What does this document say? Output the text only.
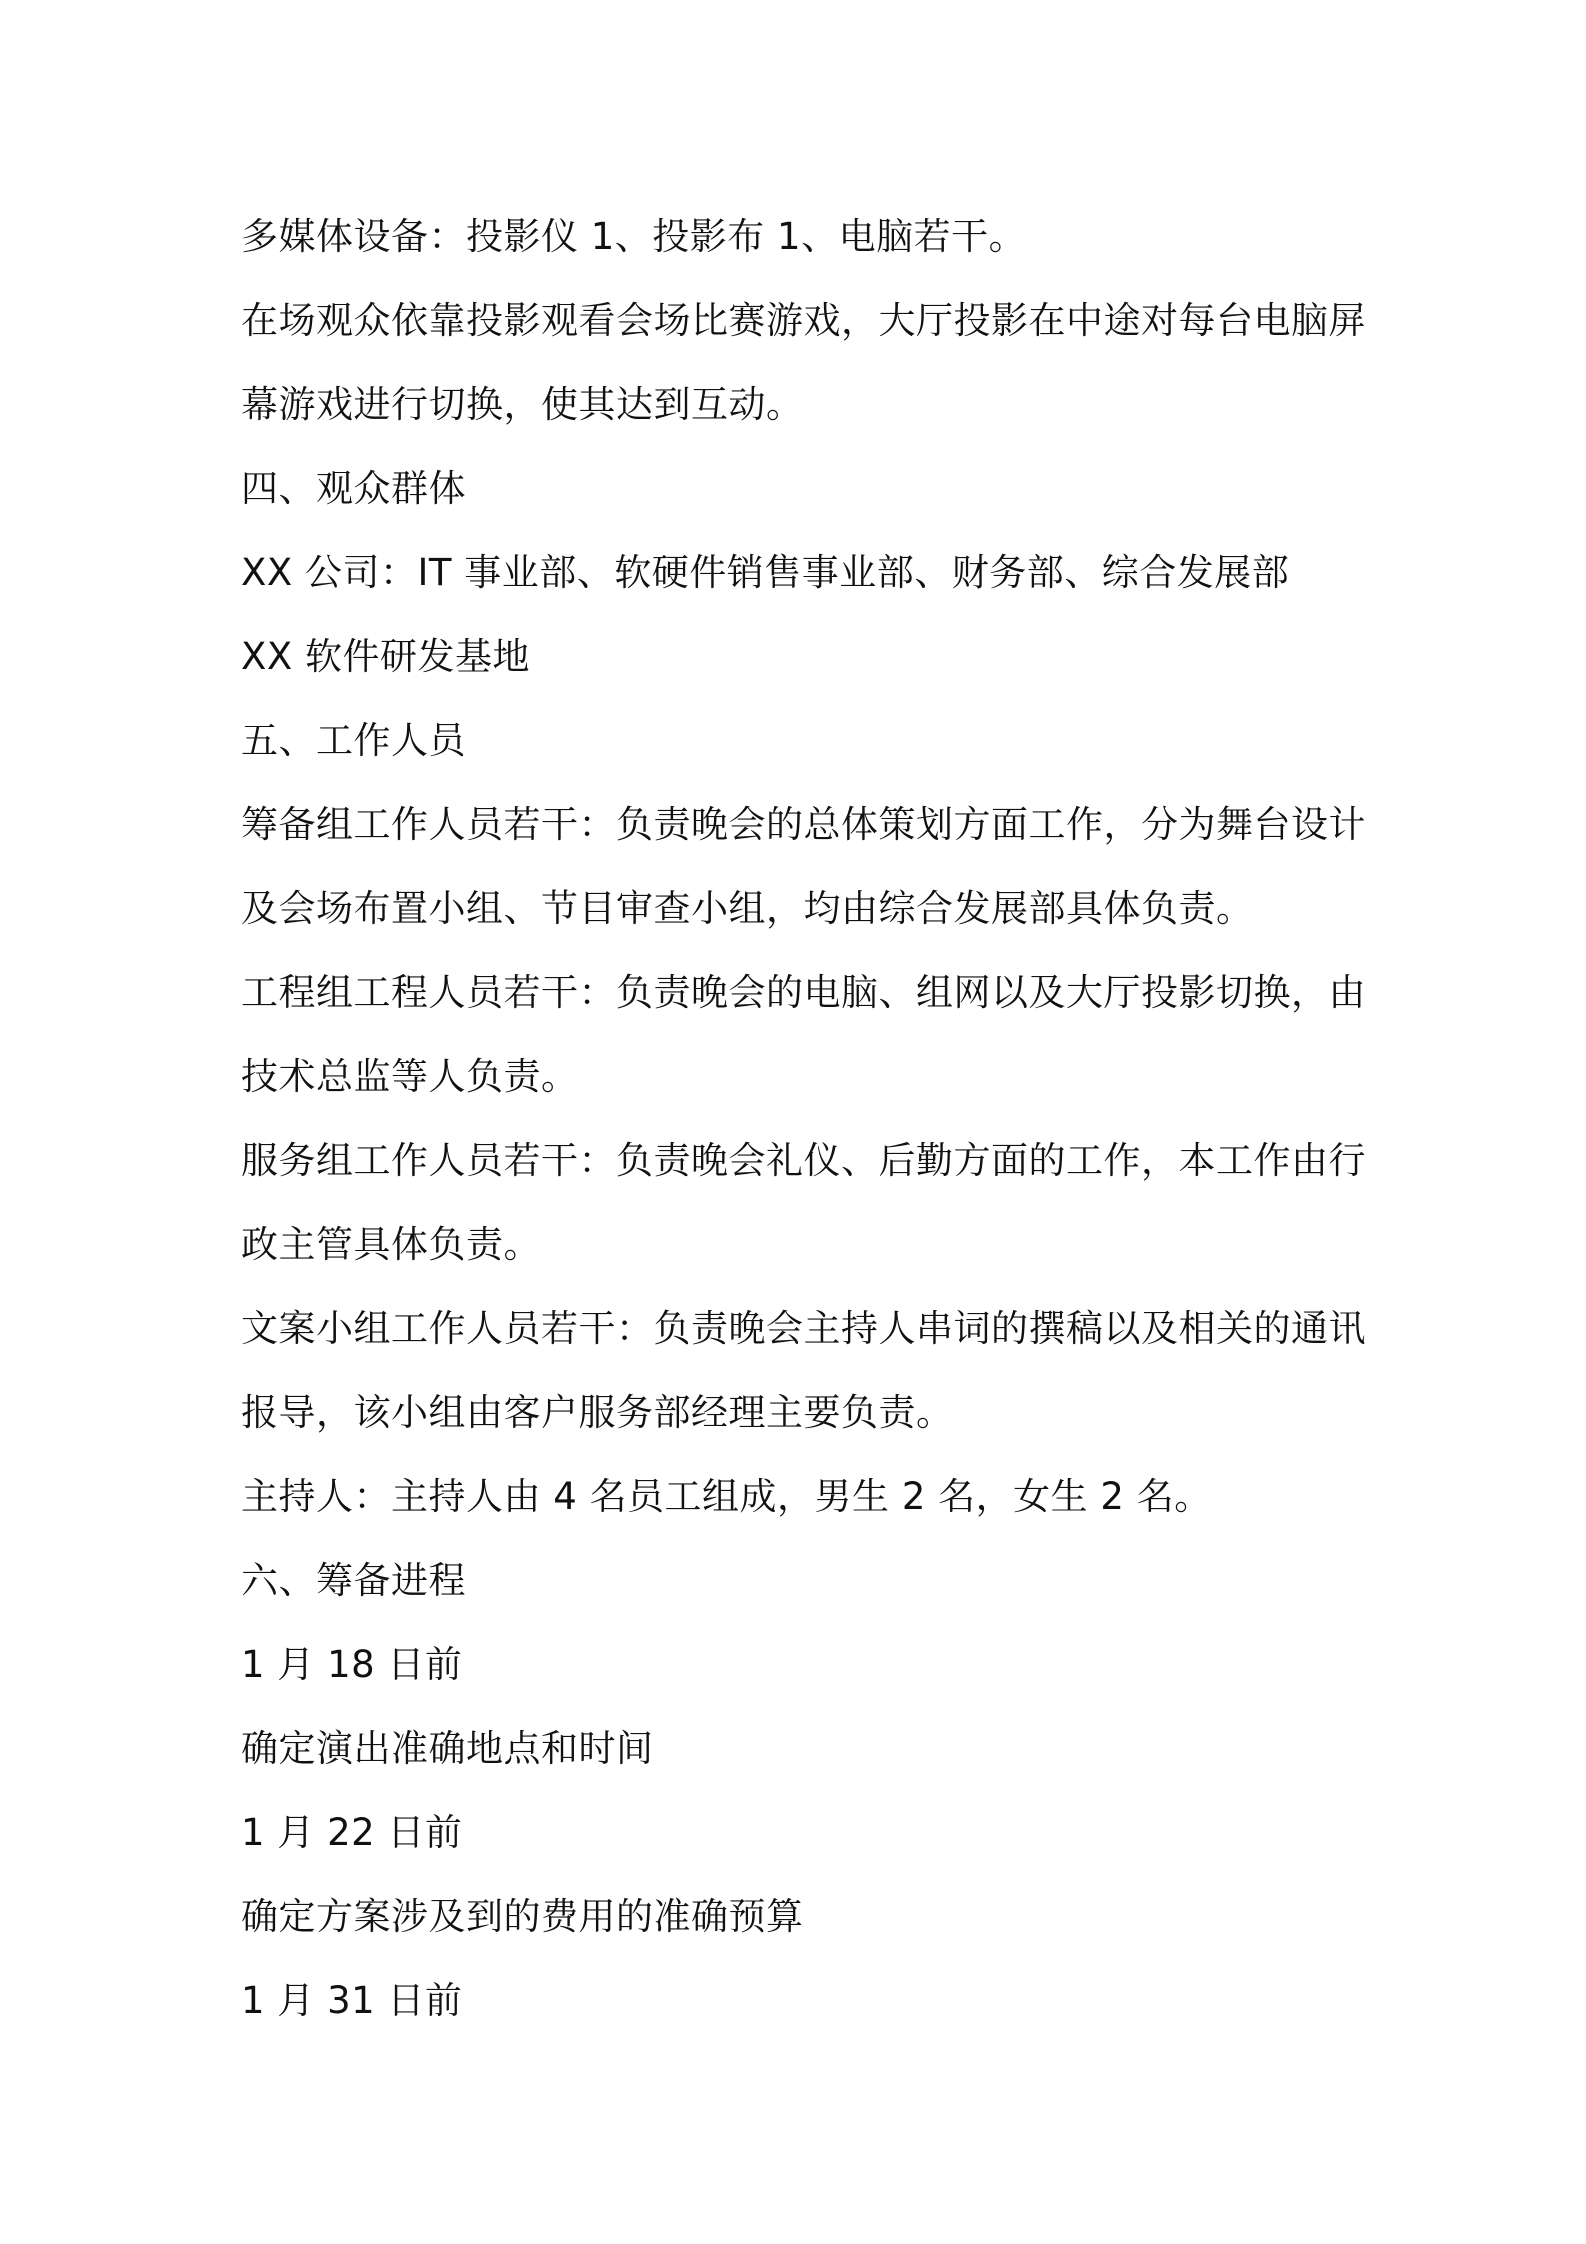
多媒体设备：投影仪 1、投影布 1、电脑若干。
在场观众依靠投影观看会场比赛游戏，大厅投影在中途对每台电脑屏
幕游戏进行切换，使其达到互动。
四、观众群体
XX 公司：IT 事业部、软硬件销售事业部、财务部、综合发展部
XX 软件研发基地
五、工作人员
筹备组工作人员若干：负责晚会的总体策划方面工作，分为舞台设计
及会场布置小组、节目审查小组，均由综合发展部具体负责。
工程组工程人员若干：负责晚会的电脑、组网以及大厅投影切换，由
技术总监等人负责。
服务组工作人员若干：负责晚会礼仪、后勤方面的工作，本工作由行
政主管具体负责。
文案小组工作人员若干：负责晚会主持人串词的撰稿以及相关的通讯
报导，该小组由客户服务部经理主要负责。
主持人：主持人由 4 名员工组成，男生 2 名，女生 2 名。
六、筹备进程
1 月 18 日前
确定演出准确地点和时间
1 月 22 日前
确定方案涉及到的费用的准确预算
1 月 31 日前
